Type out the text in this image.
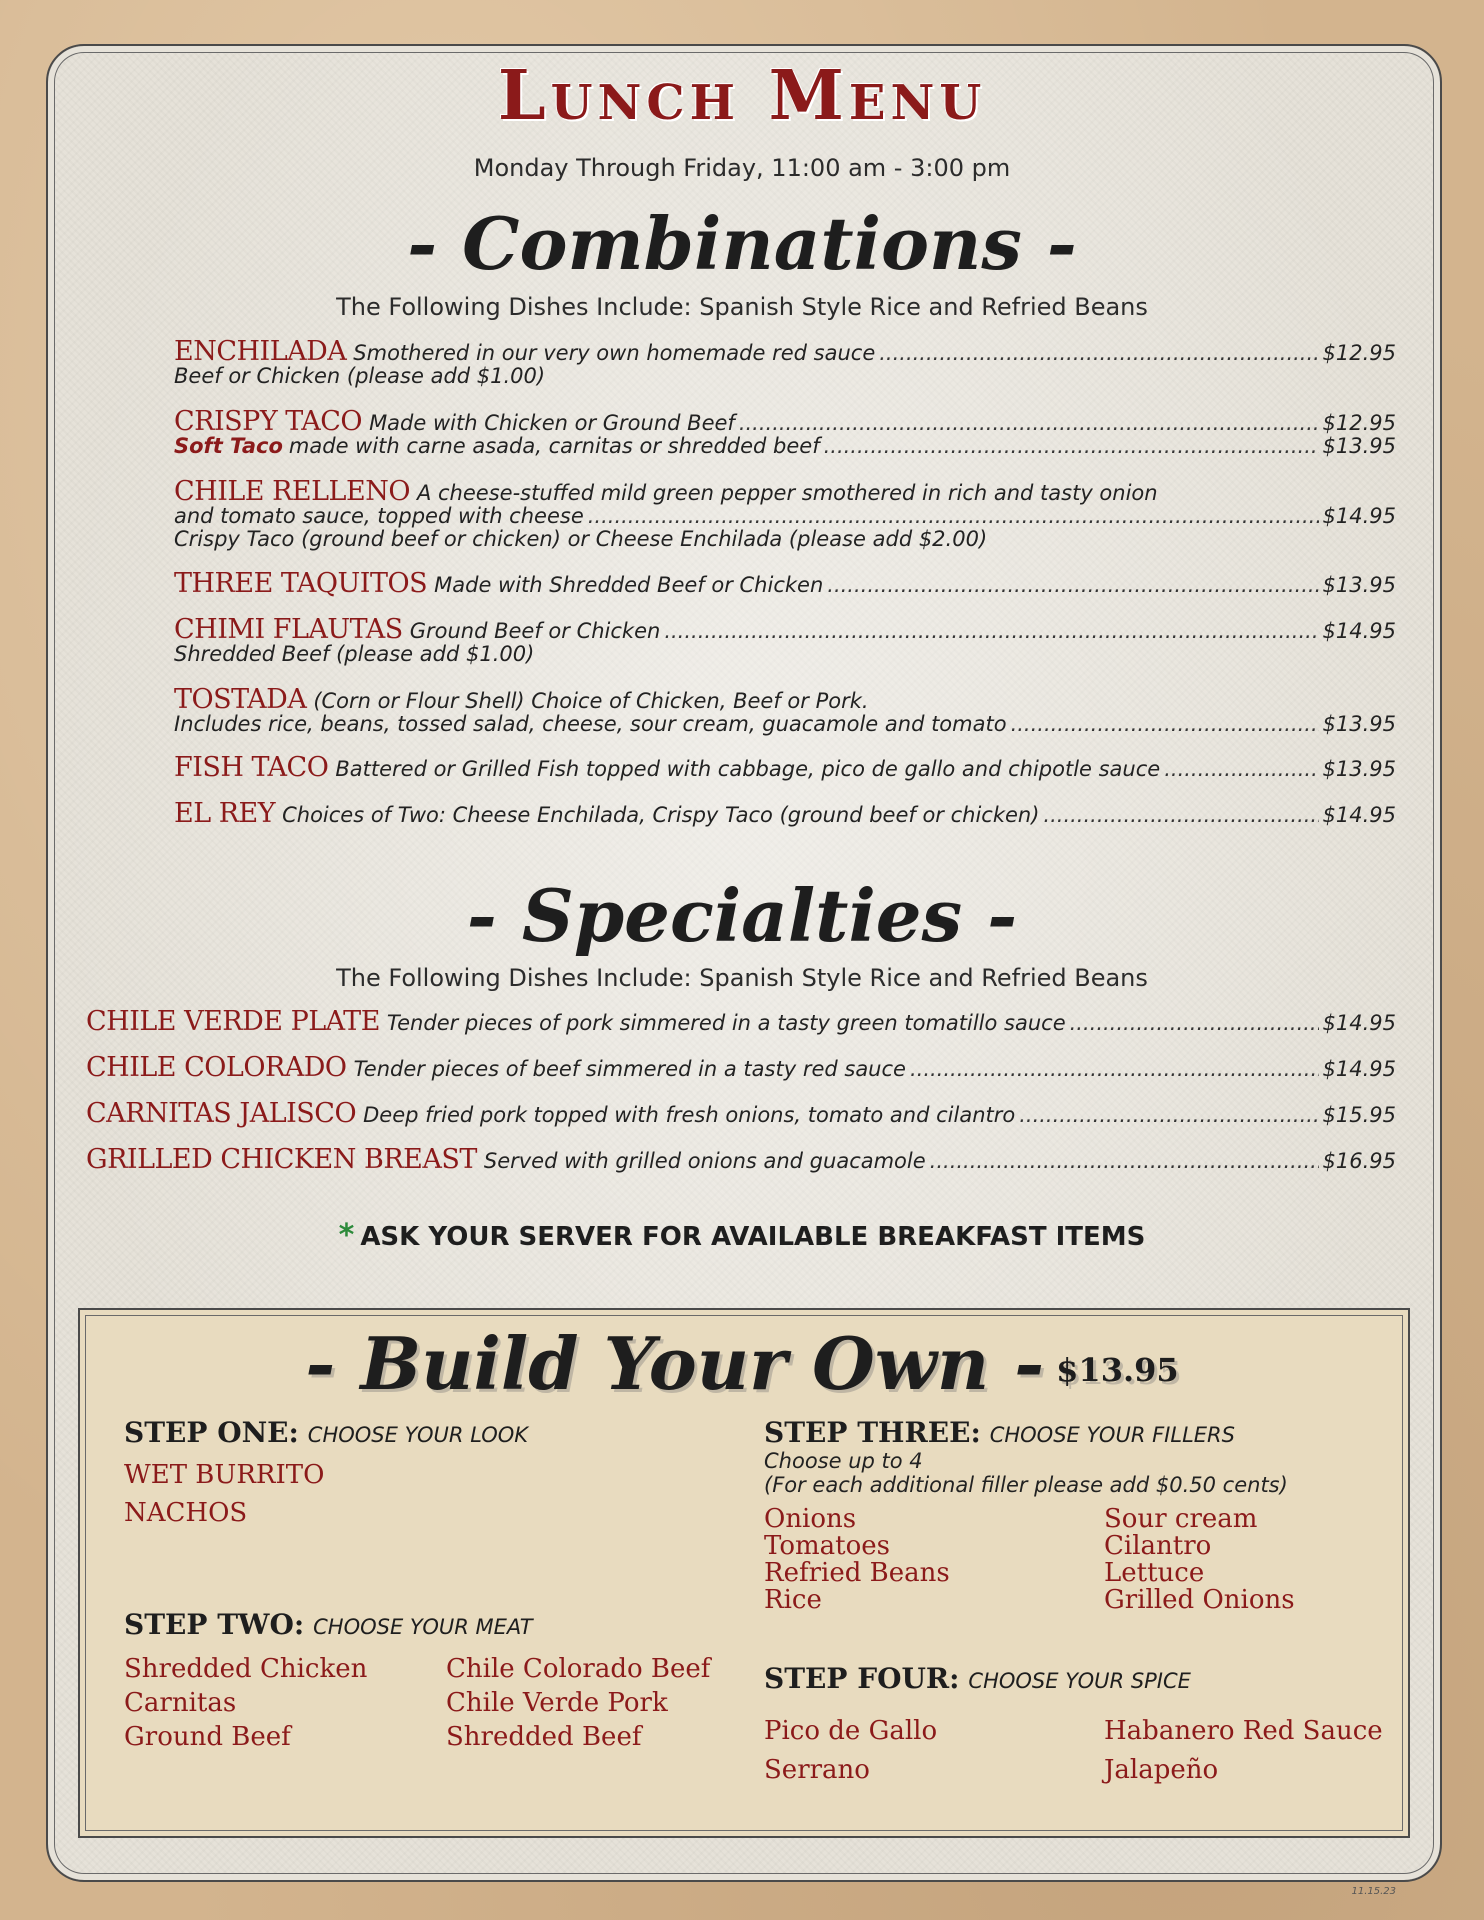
Lunch Menu
Monday Through Friday, 11:00 am - 3:00 pm
- Combinations -
The Following Dishes Include: Spanish Style Rice and Refried Beans
ENCHILADA Smothered in our very own homemade red sauce .....	$12.95
Beef or Chicken (please add $1.00)
CRISPY TACO Made with Chicken or Ground Beef .....	$12.95
Soft Taco made with carne asada, carnitas or shredded beef .....	$13.95
CHILE RELLENO A cheese-stuffed mild green pepper smothered in rich and tasty onion
and tomato sauce, topped with cheese .....	$14.95
Crispy Taco (ground beef or chicken) or Cheese Enchilada (please add $2.00)
THREE TAQUITOS Made with Shredded Beef or Chicken .....	$13.95
CHIMI FLAUTAS Ground Beef or Chicken .....	$14.95
Shredded Beef (please add $1.00)
TOSTADA (Corn or Flour Shell) Choice of Chicken, Beef or Pork.
Includes rice, beans, tossed salad, cheese, sour cream, guacamole and tomato .....	$13.95
FISH TACO Battered or Grilled Fish topped with cabbage, pico de gallo and chipotle sauce .....	$13.95
EL REY Choices of Two: Cheese Enchilada, Crispy Taco (ground beef or chicken) .....	$14.95
- Specialties -
The Following Dishes Include: Spanish Style Rice and Refried Beans
CHILE VERDE PLATE Tender pieces of pork simmered in a tasty green tomatillo sauce .....	$14.95
CHILE COLORADO Tender pieces of beef simmered in a tasty red sauce .....	$14.95
CARNITAS JALISCO Deep fried pork topped with fresh onions, tomato and cilantro .....	$15.95
GRILLED CHICKEN BREAST Served with grilled onions and guacamole .....	$16.95
* ASK YOUR SERVER FOR AVAILABLE BREAKFAST ITEMS
- Build Your Own - $13.95
STEP ONE: CHOOSE YOUR LOOK
WET BURRITO
NACHOS
STEP TWO: CHOOSE YOUR MEAT
Shredded Chicken
Carnitas
Ground Beef
Chile Colorado Beef
Chile Verde Pork
Shredded Beef
STEP THREE: CHOOSE YOUR FILLERS
Choose up to 4
(For each additional filler please add $0.50 cents)
Onions
Tomatoes
Refried Beans
Rice
Sour cream
Cilantro
Lettuce
Grilled Onions
STEP FOUR: CHOOSE YOUR SPICE
Pico de Gallo
Serrano
Habanero Red Sauce
Jalapeño
11.15.23
